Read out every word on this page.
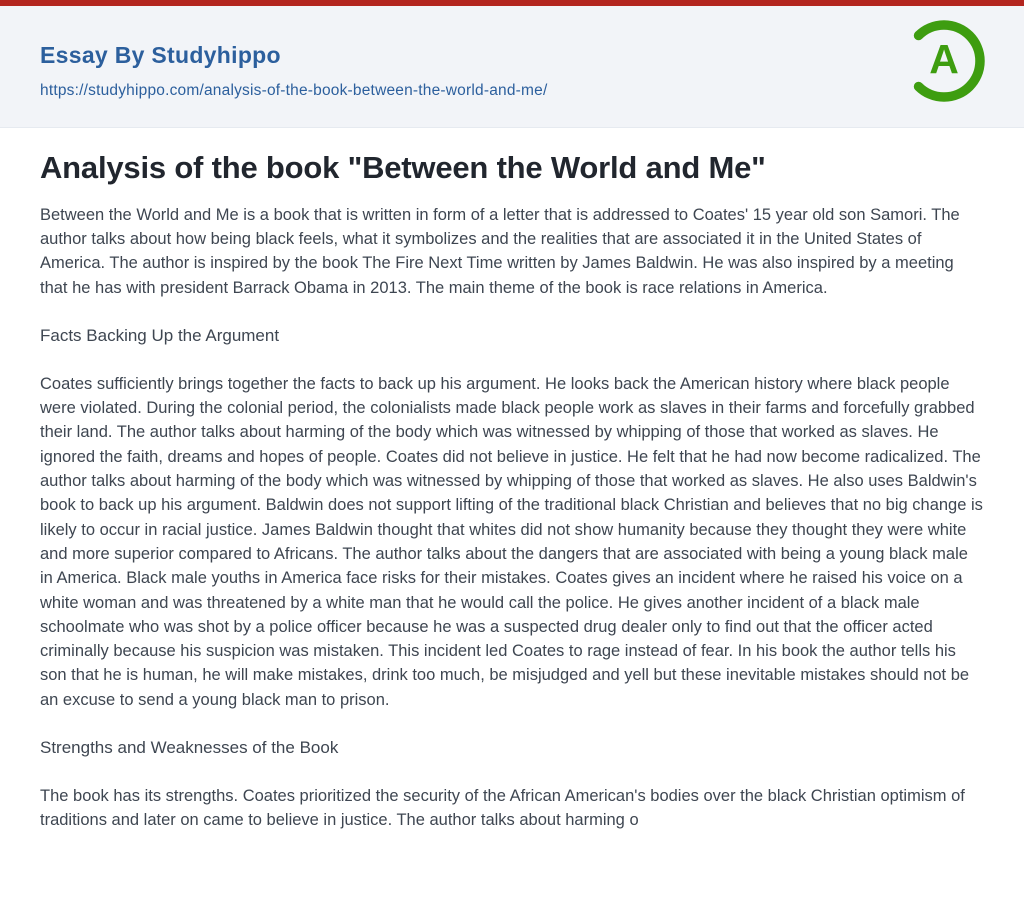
Essay By Studyhippo
https://studyhippo.com/analysis-of-the-book-between-the-world-and-me/
A
Analysis of the book "Between the World and Me"

Between the World and Me is a book that is written in form of a letter that is addressed to Coates' 15 year old son Samori. The author talks about how being black feels, what it symbolizes and the realities that are associated it in the United States of America. The author is inspired by the book The Fire Next Time written by James Baldwin. He was also inspired by a meeting that he has with president Barrack Obama in 2013. The main theme of the book is race relations in America.

Facts Backing Up the Argument

Coates sufficiently brings together the facts to back up his argument. He looks back the American history where black people were violated. During the colonial period, the colonialists made black people work as slaves in their farms and forcefully grabbed their land. The author talks about harming of the body which was witnessed by whipping of those that worked as slaves. He ignored the faith, dreams and hopes of people. Coates did not believe in justice. He felt that he had now become radicalized. The author talks about harming of the body which was witnessed by whipping of those that worked as slaves. He also uses Baldwin's book to back up his argument. Baldwin does not support lifting of the traditional black Christian and believes that no big change is likely to occur in racial justice. James Baldwin thought that whites did not show humanity because they thought they were white and more superior compared to Africans. The author talks about the dangers that are associated with being a young black male in America. Black male youths in America face risks for their mistakes. Coates gives an incident where he raised his voice on a white woman and was threatened by a white man that he would call the police. He gives another incident of a black male schoolmate who was shot by a police officer because he was a suspected drug dealer only to find out that the officer acted criminally because his suspicion was mistaken. This incident led Coates to rage instead of fear. In his book the author tells his son that he is human, he will make mistakes, drink too much, be misjudged and yell but these inevitable mistakes should not be an excuse to send a young black man to prison.

Strengths and Weaknesses of the Book

The book has its strengths. Coates prioritized the security of the African American's bodies over the black Christian optimism of traditions and later on came to believe in justice. The author talks about harming o
